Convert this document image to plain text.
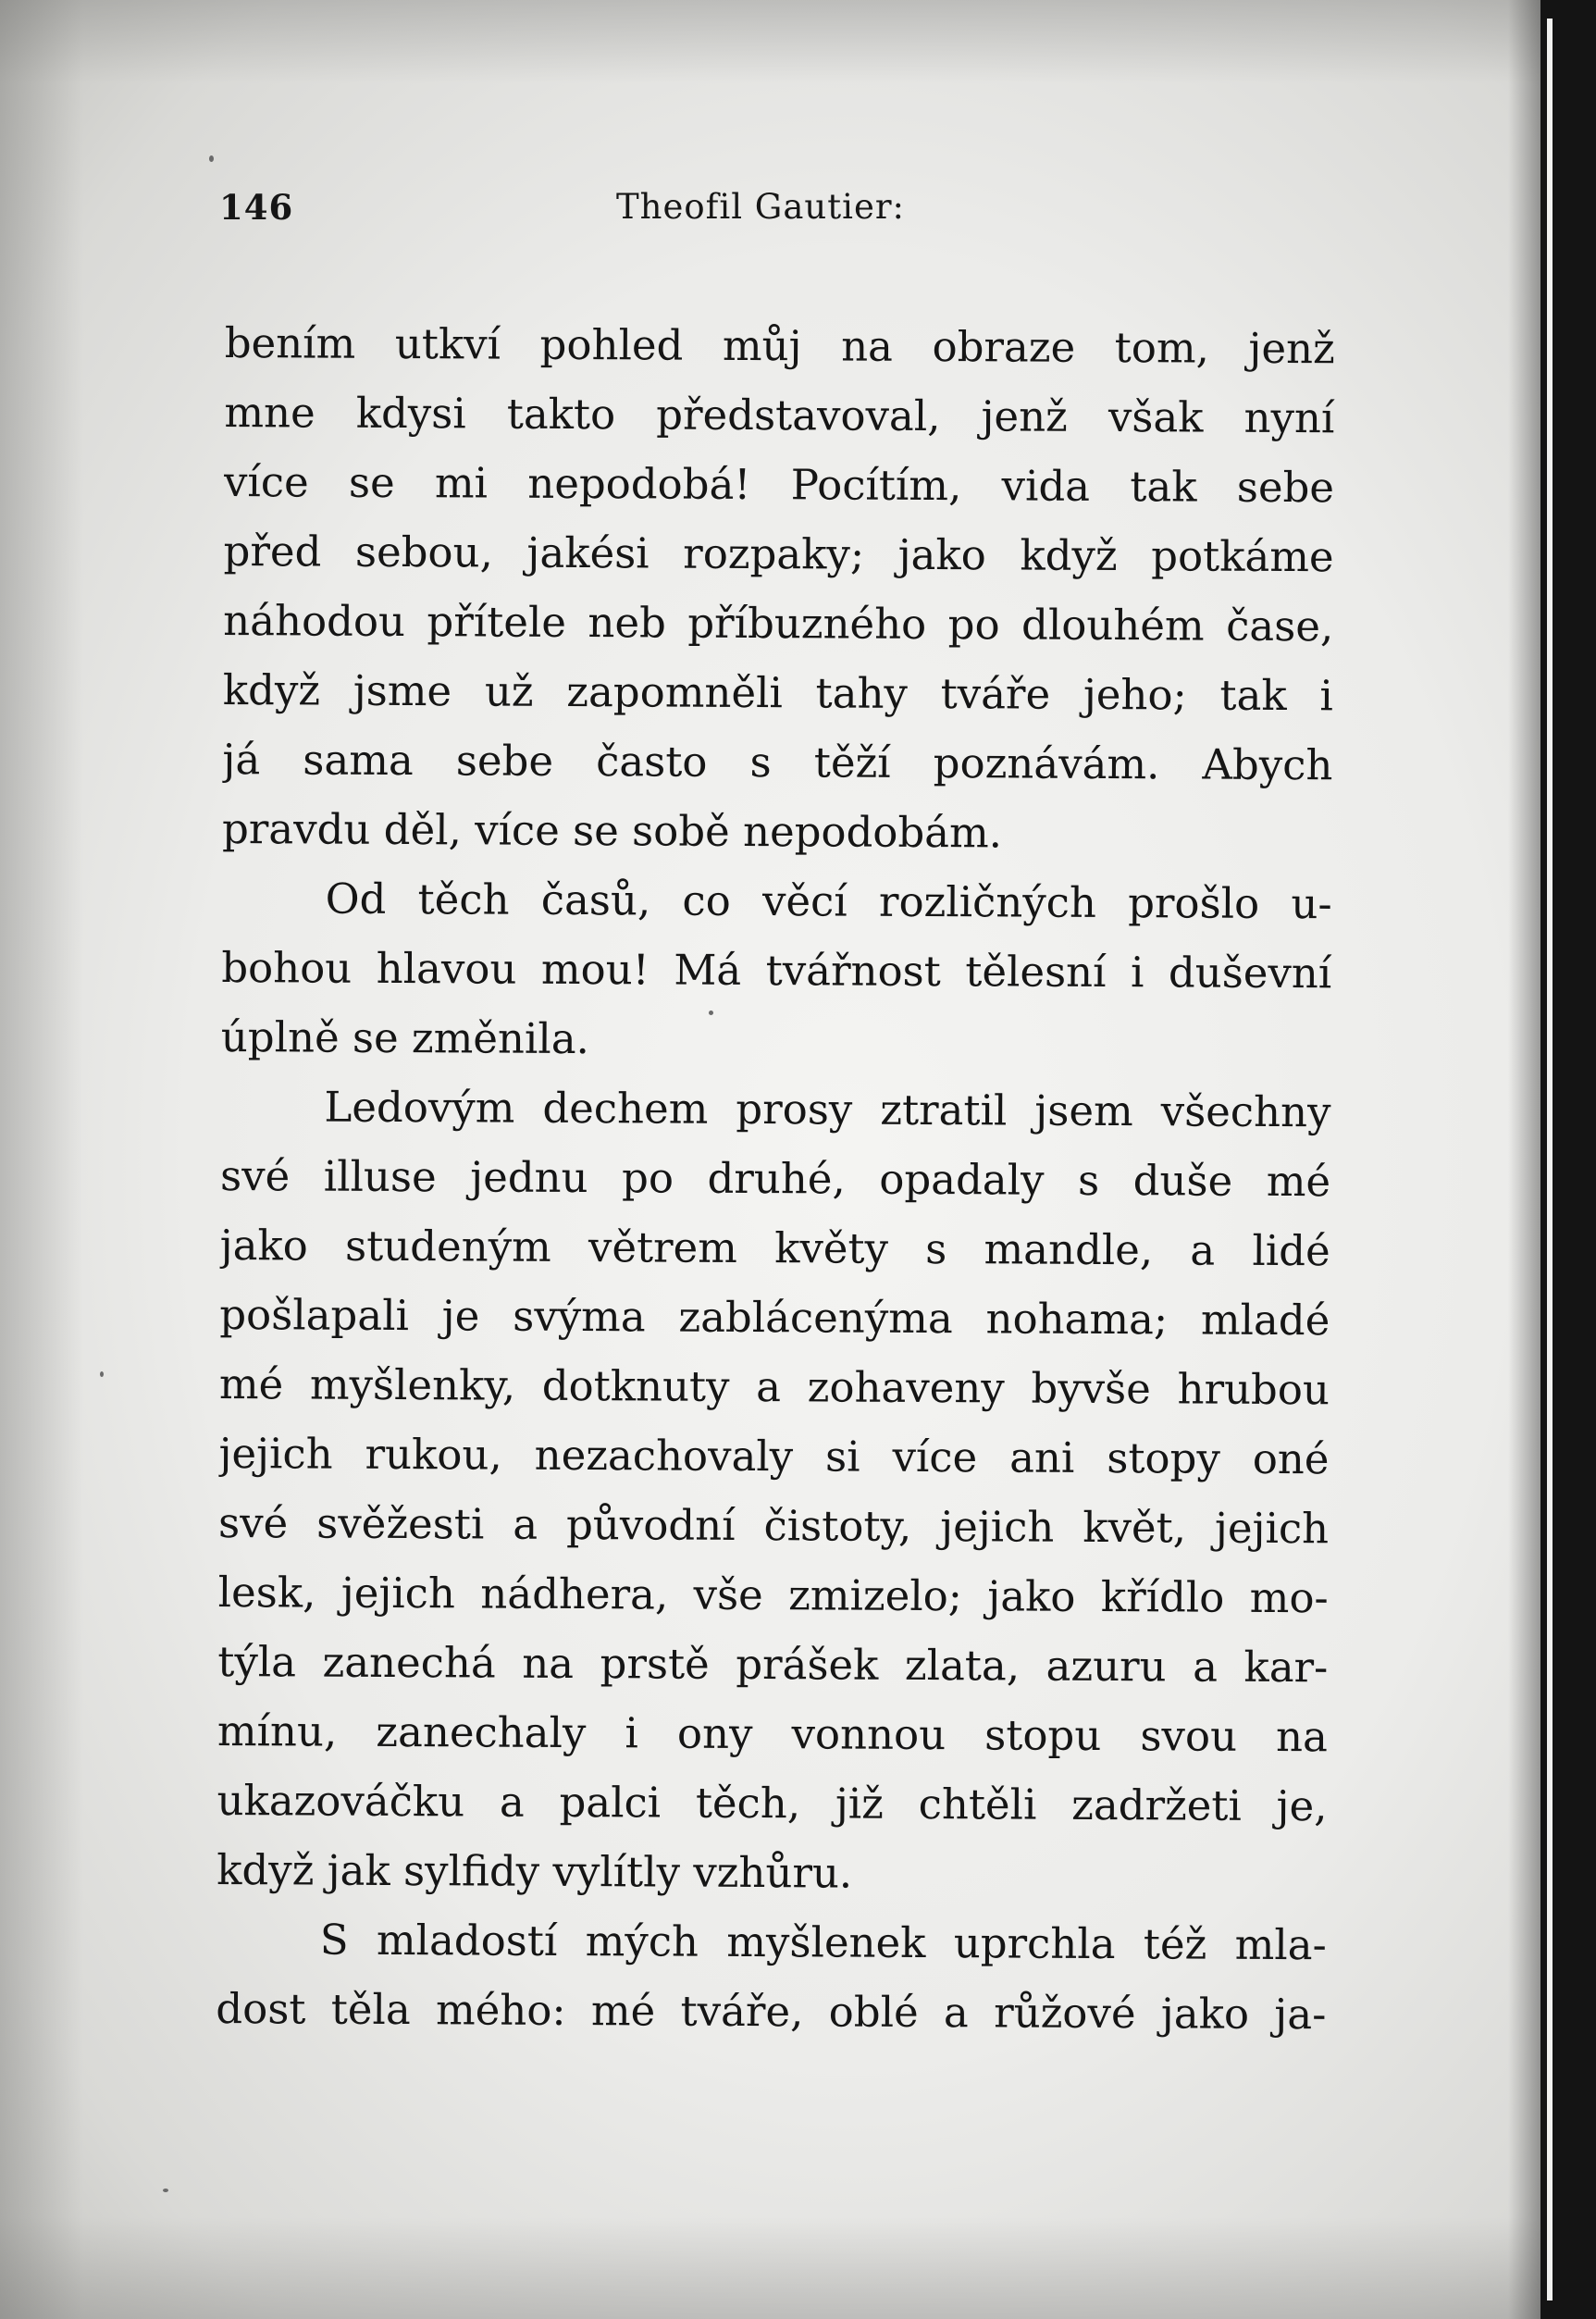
146	Theofil Gautier:
bením utkví pohled můj na obraze tom, jenž
mne kdysi takto představoval, jenž však nyní
více se mi nepodobá! Pocítím, vida tak sebe
před sebou, jakési rozpaky; jako když potkáme
náhodou přítele neb příbuzného po dlouhém čase,
když jsme už zapomněli tahy tváře jeho; tak i
já sama sebe často s těží poznávám. Abych
pravdu děl, více se sobě nepodobám.
Od těch časů, co věcí rozličných prošlo u-
bohou hlavou mou! Má tvářnost tělesní i duševní
úplně se změnila.
Ledovým dechem prosy ztratil jsem všechny
své illuse jednu po druhé, opadaly s duše mé
jako studeným větrem květy s mandle, a lidé
pošlapali je svýma zablácenýma nohama; mladé
mé myšlenky, dotknuty a zohaveny byvše hrubou
jejich rukou, nezachovaly si více ani stopy oné
své svěžesti a původní čistoty, jejich květ, jejich
lesk, jejich nádhera, vše zmizelo; jako křídlo mo-
týla zanechá na prstě prášek zlata, azuru a kar-
mínu, zanechaly i ony vonnou stopu svou na
ukazováčku a palci těch, již chtěli zadržeti je,
když jak sylfidy vylítly vzhůru.
S mladostí mých myšlenek uprchla též mla-
dost těla mého: mé tváře, oblé a růžové jako ja-
